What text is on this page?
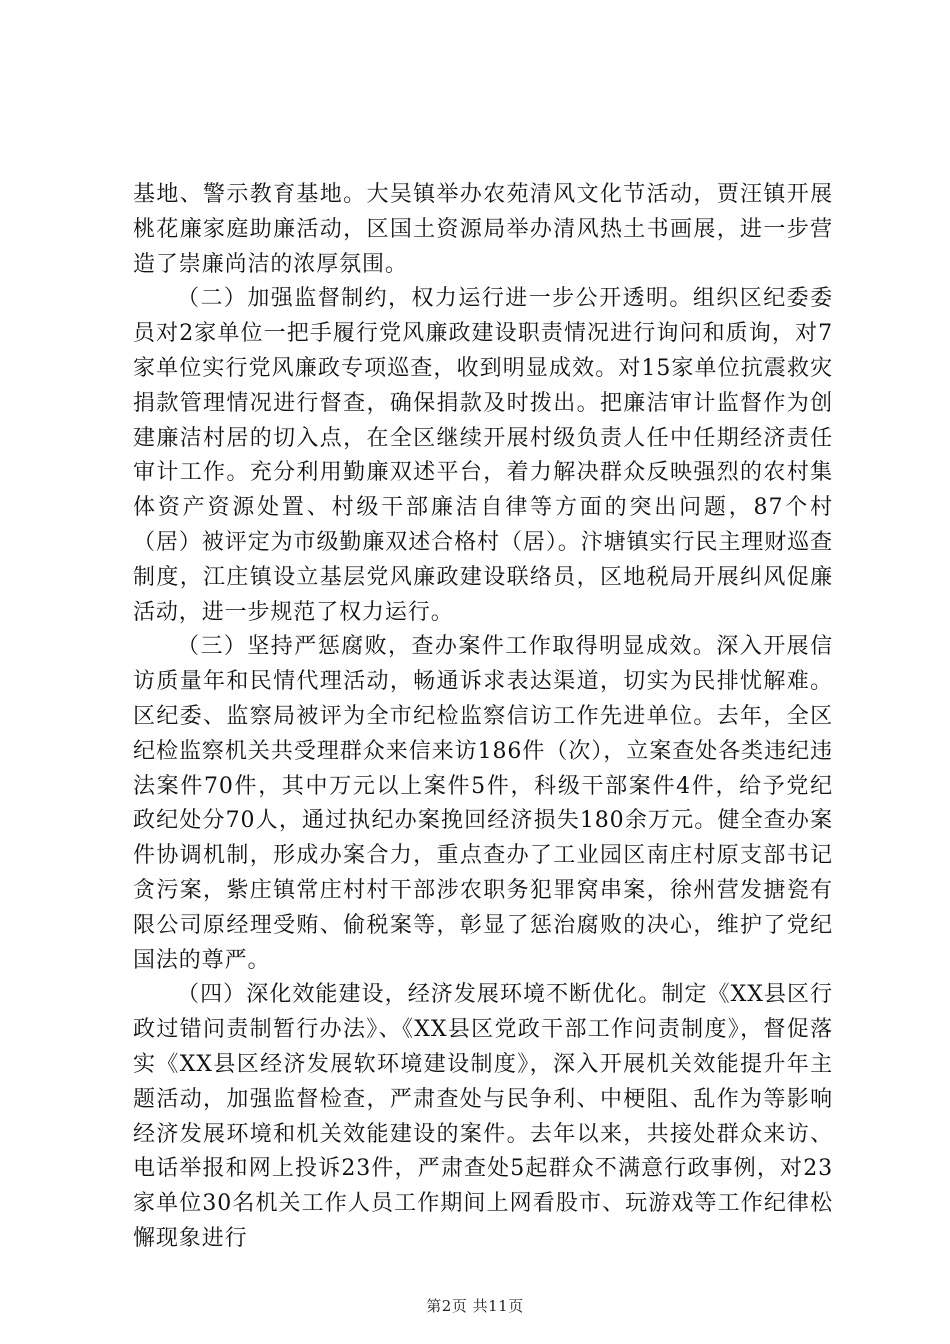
基地、警示教育基地。大吴镇举办农苑清风文化节活动，贾汪镇开展桃花廉家庭助廉活动，区国土资源局举办清风热土书画展，进一步营造了崇廉尚洁的浓厚氛围。

（二）加强监督制约，权力运行进一步公开透明。组织区纪委委员对2家单位一把手履行党风廉政建设职责情况进行询问和质询，对7家单位实行党风廉政专项巡查，收到明显成效。对15家单位抗震救灾捐款管理情况进行督查，确保捐款及时拨出。把廉洁审计监督作为创建廉洁村居的切入点，在全区继续开展村级负责人任中任期经济责任审计工作。充分利用勤廉双述平台，着力解决群众反映强烈的农村集体资产资源处置、村级干部廉洁自律等方面的突出问题，87个村（居）被评定为市级勤廉双述合格村（居）。汴塘镇实行民主理财巡查制度，江庄镇设立基层党风廉政建设联络员，区地税局开展纠风促廉活动，进一步规范了权力运行。

（三）坚持严惩腐败，查办案件工作取得明显成效。深入开展信访质量年和民情代理活动，畅通诉求表达渠道，切实为民排忧解难。区纪委、监察局被评为全市纪检监察信访工作先进单位。去年，全区纪检监察机关共受理群众来信来访186件（次），立案查处各类违纪违法案件70件，其中万元以上案件5件，科级干部案件4件，给予党纪政纪处分70人，通过执纪办案挽回经济损失180余万元。健全查办案件协调机制，形成办案合力，重点查办了工业园区南庄村原支部书记贪污案，紫庄镇常庄村村干部涉农职务犯罪窝串案，徐州营发搪瓷有限公司原经理受贿、偷税案等，彰显了惩治腐败的决心，维护了党纪国法的尊严。

（四）深化效能建设，经济发展环境不断优化。制定《XX县区行政过错问责制暂行办法》、《XX县区党政干部工作问责制度》，督促落实《XX县区经济发展软环境建设制度》，深入开展机关效能提升年主题活动，加强监督检查，严肃查处与民争利、中梗阻、乱作为等影响经济发展环境和机关效能建设的案件。去年以来，共接处群众来访、电话举报和网上投诉23件，严肃查处5起群众不满意行政事例，对23家单位30名机关工作人员工作期间上网看股市、玩游戏等工作纪律松懈现象进行

第2页 共11页
